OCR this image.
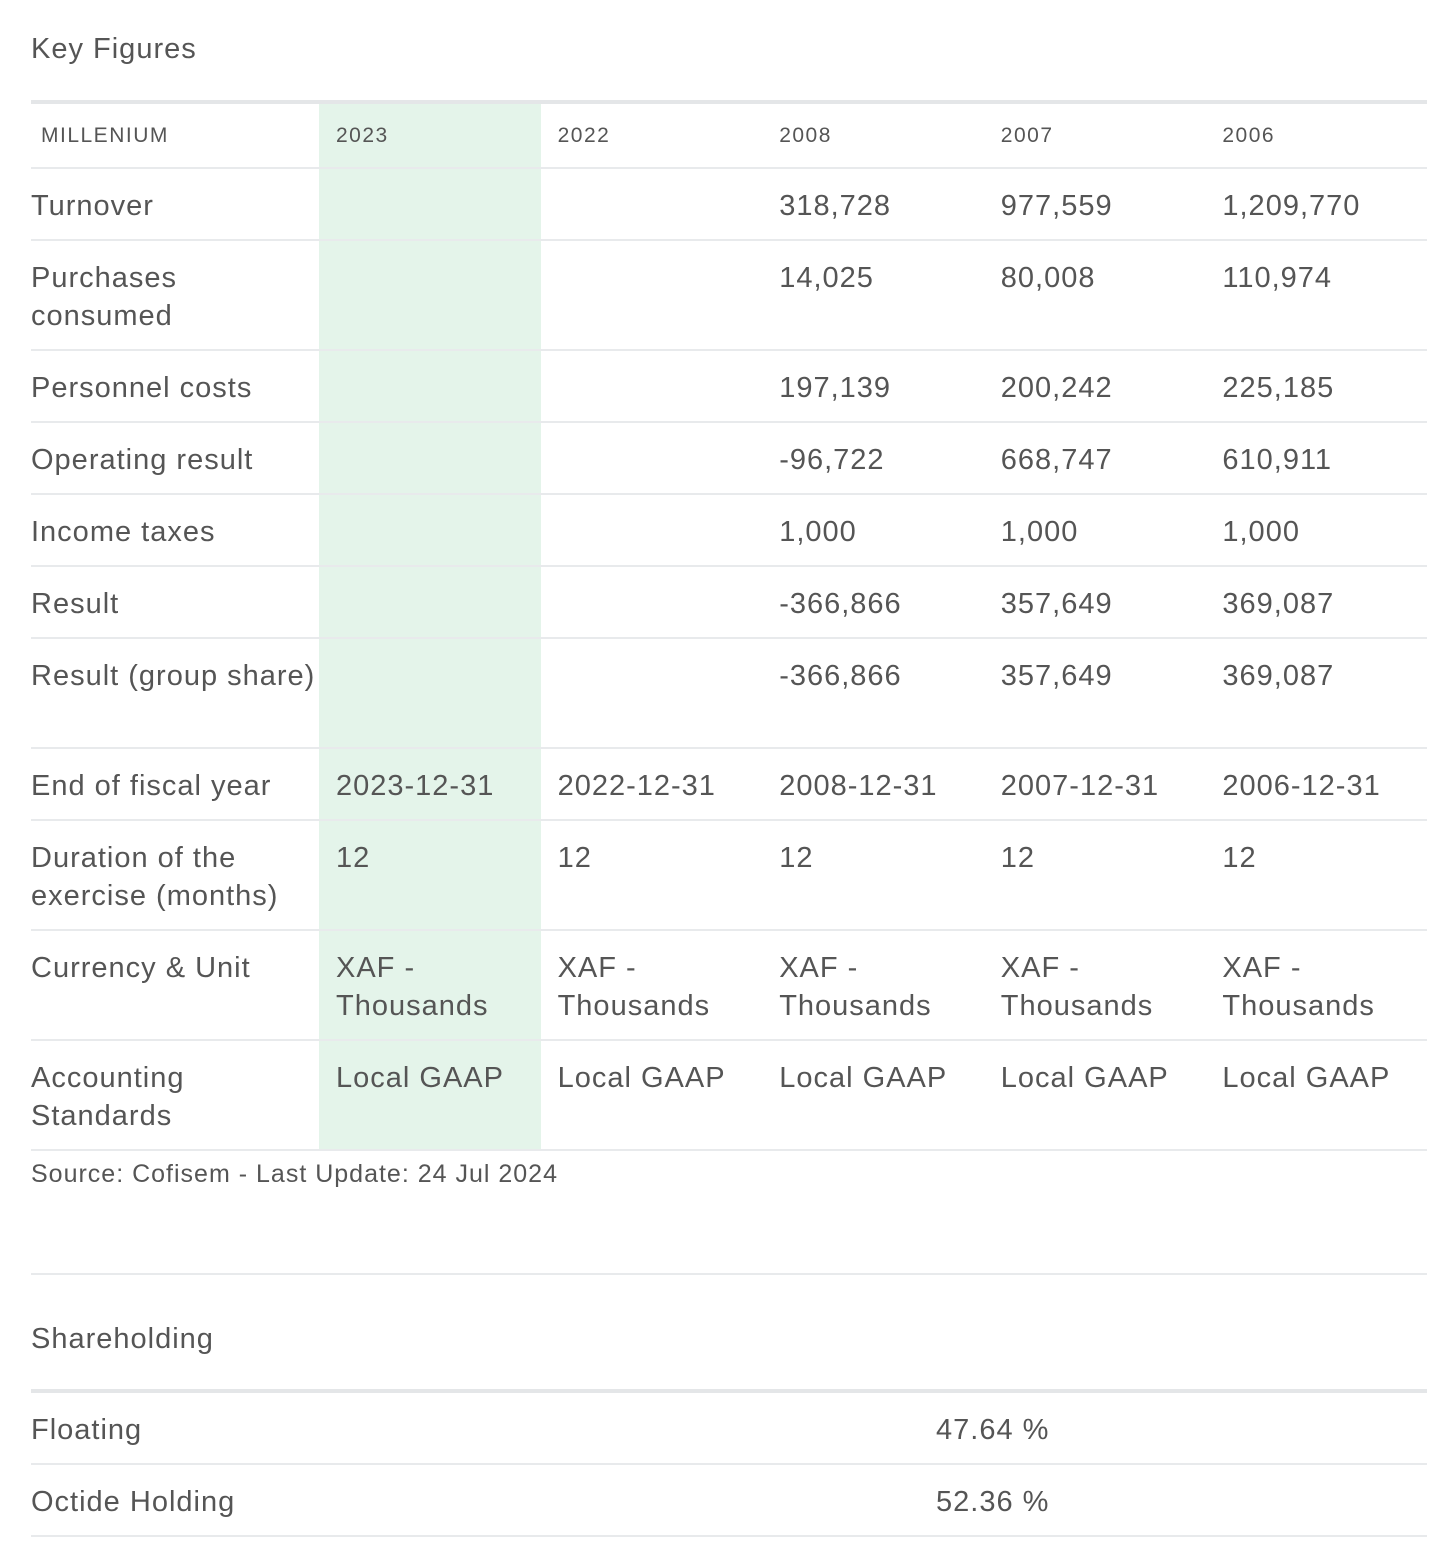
Key Figures
MILLENIUM	2023	2022	2008	2007	2006
Turnover			318,728	977,559	1,209,770
Purchases consumed			14,025	80,008	110,974
Personnel costs			197,139	200,242	225,185
Operating result			-96,722	668,747	610,911
Income taxes			1,000	1,000	1,000
Result			-366,866	357,649	369,087
Result (group share)			-366,866	357,649	369,087
End of fiscal year	2023-12-31	2022-12-31	2008-12-31	2007-12-31	2006-12-31
Duration of the exercise (months)	12	12	12	12	12
Currency & Unit	XAF - Thousands	XAF - Thousands	XAF - Thousands	XAF - Thousands	XAF - Thousands
Accounting Standards	Local GAAP	Local GAAP	Local GAAP	Local GAAP	Local GAAP

Source: Cofisem - Last Update: 24 Jul 2024

Shareholding
Floating	47.64 %
Octide Holding	52.36 %
